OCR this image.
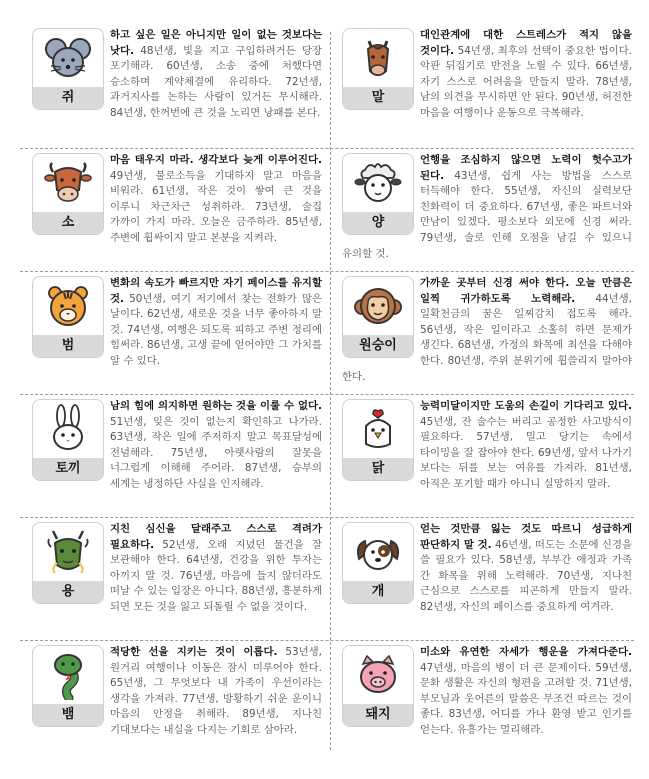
하고 싶은 일은 아니지만 일이 없는 것보다는 낫다. 48년생, 빛을 지고 구입하려거든 당장 포기해라. 60년생, 소송 중에 처했다면 승소하며 계약체결에 유리하다. 72년생, 과거지사를 논하는 사람이 있거든 무시해라. 84년생, 한꺼번에 큰 것을 노리면 낭패를 본다.
쥐
대인관계에 대한 스트레스가 적지 않을 것이다. 54년생, 최후의 선택이 중요한 법이다. 악판 뒤집기로 반전을 노릴 수 있다. 66년생, 자기 스스로 어려움을 만들지 말라. 78년생, 남의 의견을 무시하면 안 된다. 90년생, 허전한 마음을 여행이나 운동으로 극복해라.
말
마음 태우지 마라. 생각보다 늦게 이루어진다. 49년생, 불로소득을 기대하지 말고 마음을 비워라. 61년생, 작은 것이 쌓여 큰 것을 이루니 차근차근 성취하라. 73년생, 술집 가까이 가지 마라. 오늘은 금주하라. 85년생, 주변에 휩싸이지 말고 본분을 지켜라.
소
언행을 조심하지 않으면 노력이 헛수고가 된다. 43년생, 쉽게 사는 방법을 스스로 터득해야 한다. 55년생, 자신의 실력보단 친화력이 더 중요하다. 67년생, 좋은 파트너와 만남이 있겠다. 평소보다 외모에 신경 써라. 79년생, 술로 인해 오점을 남길 수 있으니 유의할 것.
양
변화의 속도가 빠르지만 자기 페이스를 유지할 것. 50년생, 여기 저기에서 찾는 전화가 많은 날이다. 62년생, 새로운 것을 너무 좋아하지 말 것. 74년생, 여행은 되도록 피하고 주변 정리에 힘써라. 86년생, 고생 끝에 얻어야만 그 가치를 알 수 있다.
범
가까운 곳부터 신경 써야 한다. 오늘 만큼은 일찍 귀가하도록 노력해라. 44년생, 일확천금의 꿈은 일찌감치 접도록 해라. 56년생, 작은 일이라고 소홀히 하면 문제가 생긴다. 68년생, 가정의 화목에 최선을 다해야 한다. 80년생, 주위 분위기에 휩쓸리지 말아야 한다.
원숭이
남의 힘에 의지하면 원하는 것을 이룰 수 없다. 51년생, 잊은 것이 없는지 확인하고 나가라. 63년생, 작은 일에 주저하지 말고 목표달성에 전념해라. 75년생, 아랫사람의 잘못을 너그럽게 이해해 주어라. 87년생, 승부의 세계는 냉정하단 사실을 인지해라.
토끼
능력미달이지만 도움의 손길이 기다리고 있다. 45년생, 잔 술수는 버리고 공정한 사고방식이 필요하다. 57년생, 밀고 당기는 속에서 타이밍을 잘 잡아야 한다. 69년생, 앞서 나가기 보다는 뒤를 보는 여유를 가져라. 81년생, 아직은 포기할 때가 아니니 실망하지 말라.
닭
지친 심신을 달래주고 스스로 격려가 필요하다. 52년생, 오래 지녔던 물건을 잘 보관해야 한다. 64년생, 건강을 위한 투자는 아끼지 말 것. 76년생, 마음에 들지 않더라도 떠날 수 있는 입장은 아니다. 88년생, 흥분하게 되면 모든 것을 잃고 되돌릴 수 없을 것이다.
용
얻는 것만큼 잃는 것도 따르니 성급하게 판단하지 말 것. 46년생, 떠도는 소문에 신경을 쓸 필요가 있다. 58년생, 부부간 애정과 가족 간 화목을 위해 노력해라. 70년생, 지나친 근심으로 스스로를 피곤하게 만들지 말라. 82년생, 자신의 페이스를 중요하게 여겨라.
개
적당한 선을 지키는 것이 이롭다. 53년생, 원거리 여행이나 이동은 잠시 미루어야 한다. 65년생, 그 무엇보다 내 가족이 우선이라는 생각을 가져라. 77년생, 방황하기 쉬운 운이니 마음의 안정을 취해라. 89년생, 지나친 기대보다는 내실을 다지는 기회로 삼아라.
뱀
미소와 유연한 자세가 행운을 가져다준다. 47년생, 마음의 병이 더 큰 문제이다. 59년생, 문화 생활은 자신의 형편을 고려할 것. 71년생, 부모님과 웃어른의 말씀은 무조건 따르는 것이 좋다. 83년생, 어디를 가나 환영 받고 인기를 얻는다. 유흥가는 멀리해라.
돼지
